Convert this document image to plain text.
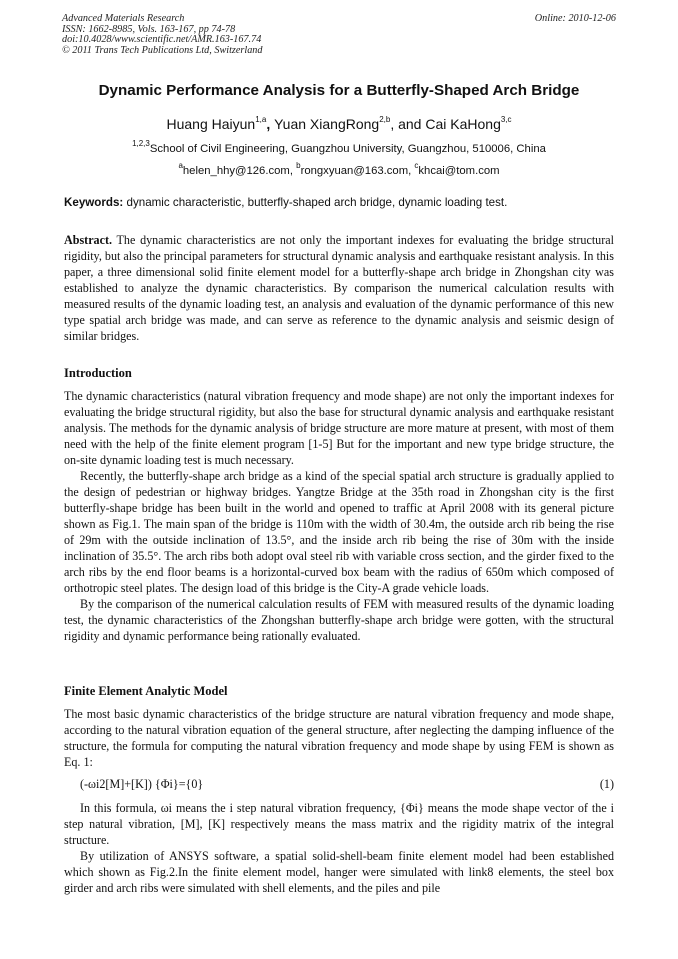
Advanced Materials Research	Online: 2010-12-06
ISSN: 1662-8985, Vols. 163-167, pp 74-78
doi:10.4028/www.scientific.net/AMR.163-167.74
© 2011 Trans Tech Publications Ltd, Switzerland
Dynamic Performance Analysis for a Butterfly-Shaped Arch Bridge
Huang Haiyun$^{1,a}$, Yuan XiangRong$^{2,b}$, and Cai KaHong$^{3,c}$
$^{1,2,3}$School of Civil Engineering, Guangzhou University, Guangzhou, 510006, China
$^a$helen_hhy@126.com, $^b$rongxyuan@163.com, $^c$khcai@tom.com
Keywords: dynamic characteristic, butterfly-shaped arch bridge, dynamic loading test.

Abstract. The dynamic characteristics are not only the important indexes for evaluating the bridge structural rigidity, but also the principal parameters for structural dynamic analysis and earthquake resistant analysis. In this paper, a three dimensional solid finite element model for a butterfly-shape arch bridge in Zhongshan city was established to analyze the dynamic characteristics. By comparison the numerical calculation results with measured results of the dynamic loading test, an analysis and evaluation of the dynamic performance of this new type spatial arch bridge was made, and can serve as reference to the dynamic analysis and seismic design of similar bridges.

Introduction

The dynamic characteristics (natural vibration frequency and mode shape) are not only the important indexes for evaluating the bridge structural rigidity, but also the base for structural dynamic analysis and earthquake resistant analysis. The methods for the dynamic analysis of bridge structure are more mature at present, with most of them need with the help of the finite element program [1-5] But for the important and new type bridge structure, the on-site dynamic loading test is much necessary.

Recently, the butterfly-shape arch bridge as a kind of the special spatial arch structure is gradually applied to the design of pedestrian or highway bridges. Yangtze Bridge at the 35th road in Zhongshan city is the first butterfly-shape bridge has been built in the world and opened to traffic at April 2008 with its general picture shown as Fig.1. The main span of the bridge is 110m with the width of 30.4m, the outside arch rib being the rise of 29m with the outside inclination of 13.5°, and the inside arch rib being the rise of 30m with the inside inclination of 35.5°. The arch ribs both adopt oval steel rib with variable cross section, and the girder fixed to the arch ribs by the end floor beams is a horizontal-curved box beam with the radius of 650m which composed of orthotropic steel plates. The design load of this bridge is the City-A grade vehicle loads.

By the comparison of the numerical calculation results of FEM with measured results of the dynamic loading test, the dynamic characteristics of the Zhongshan butterfly-shape arch bridge were gotten, with the structural rigidity and dynamic performance being rationally evaluated.

Finite Element Analytic Model

The most basic dynamic characteristics of the bridge structure are natural vibration frequency and mode shape, according to the natural vibration equation of the general structure, after neglecting the damping influence of the structure, the formula for computing the natural vibration frequency and mode shape by using FEM is shown as Eq. 1:

(-ωi2[M]+[K]) {Φi}={0}	(1)

In this formula, ωi means the i step natural vibration frequency, {Φi} means the mode shape vector of the i step natural vibration, [M], [K] respectively means the mass matrix and the rigidity matrix of the integral structure.

By utilization of ANSYS software, a spatial solid-shell-beam finite element model had been established which shown as Fig.2.In the finite element model, hanger were simulated with link8 elements, the steel box girder and arch ribs were simulated with shell elements, and the piles and pile
